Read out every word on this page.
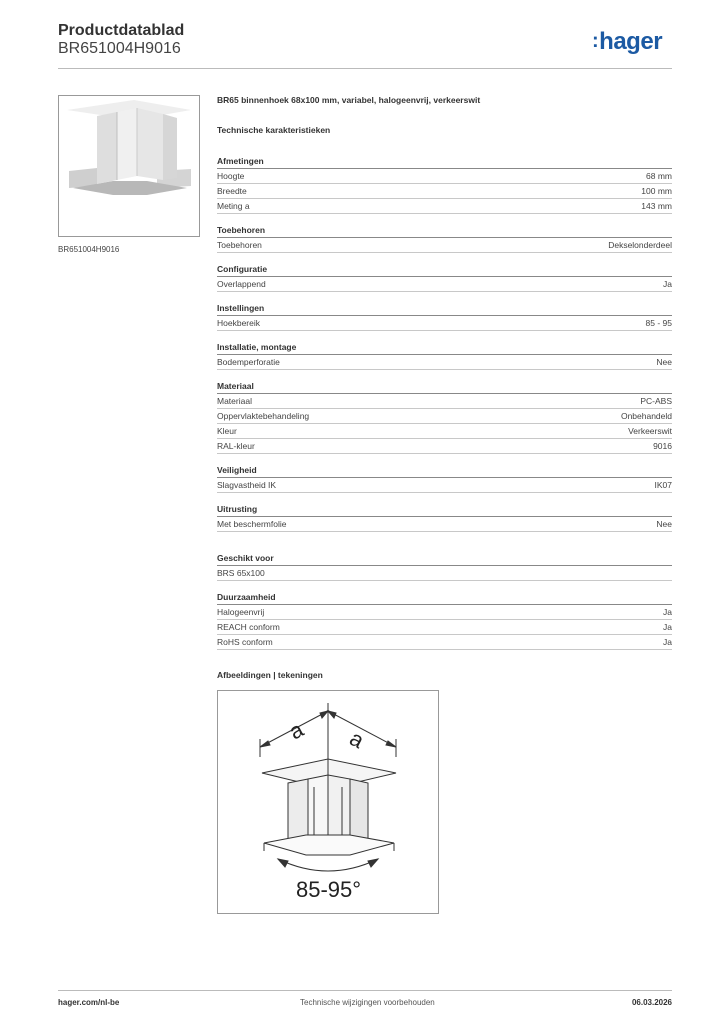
Productdatablad
BR651004H9016	:hager
BR651004H9016
BR65 binnenhoek 68x100 mm, variabel, halogeenvrij, verkeerswit
Technische karakteristieken
Afmetingen
Hoogte	68 mm
Breedte	100 mm
Meting a	143 mm
Toebehoren
Toebehoren	Dekselonderdeel
Configuratie
Overlappend	Ja
Instellingen
Hoekbereik	85 - 95
Installatie, montage
Bodemperforatie	Nee
Materiaal
Materiaal	PC-ABS
Oppervlaktebehandeling	Onbehandeld
Kleur	Verkeerswit
RAL-kleur	9016
Veiligheid
Slagvastheid IK	IK07
Uitrusting
Met beschermfolie	Nee
Geschikt voor
BRS 65x100
Duurzaamheid
Halogeenvrij	Ja
REACH conform	Ja
RoHS conform	Ja
Afbeeldingen | tekeningen
a a
85-95°
hager.com/nl-be	Technische wijzigingen voorbehouden	06.03.2026
